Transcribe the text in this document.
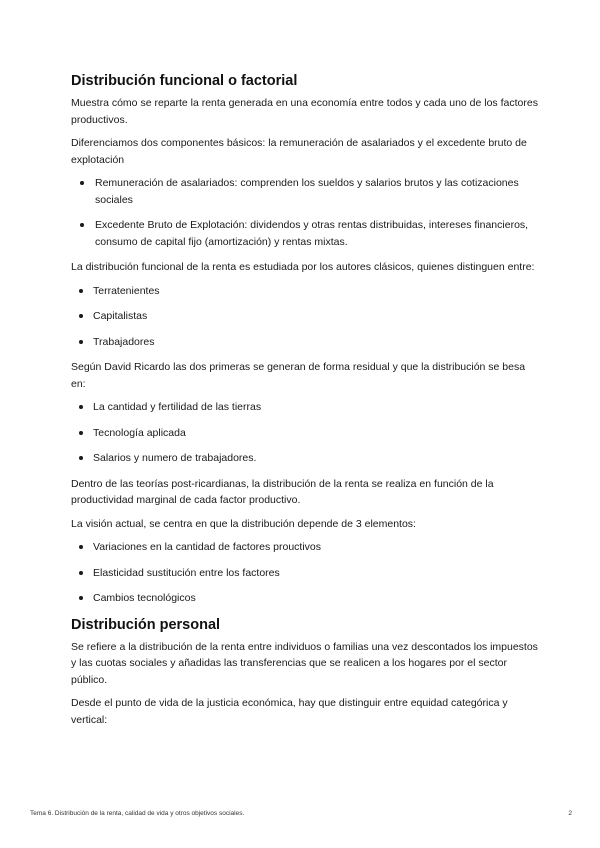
Distribución funcional o factorial

Muestra cómo se reparte la renta generada en una economía entre todos y cada uno de los factores productivos.

Diferenciamos dos componentes básicos: la remuneración de asalariados y el excedente bruto de explotación

Remuneración de asalariados: comprenden los sueldos y salarios brutos y las cotizaciones sociales
Excedente Bruto de Explotación: dividendos y otras rentas distribuidas, intereses financieros, consumo de capital fijo (amortización) y rentas mixtas.

La distribución funcional de la renta es estudiada por los autores clásicos, quienes distinguen entre:

Terratenientes
Capitalistas
Trabajadores

Según David Ricardo las dos primeras se generan de forma residual y que la distribución se besa en:

La cantidad y fertilidad de las tierras
Tecnología aplicada
Salarios y numero de trabajadores.

Dentro de las teorías post-ricardianas, la distribución de la renta se realiza en función de la productividad marginal de cada factor productivo.

La visión actual, se centra en que la distribución depende de 3 elementos:

Variaciones en la cantidad de factores prouctivos
Elasticidad sustitución entre los factores
Cambios tecnológicos
Distribución personal

Se refiere a la distribución de la renta entre individuos o familias una vez descontados los impuestos y las cuotas sociales y añadidas las transferencias que se realicen a los hogares por el sector público.

Desde el punto de vida de la justicia económica, hay que distinguir entre equidad categórica y vertical:

Tema 6. Distribución de la renta, calidad de vida y otros objetivos sociales.	2
